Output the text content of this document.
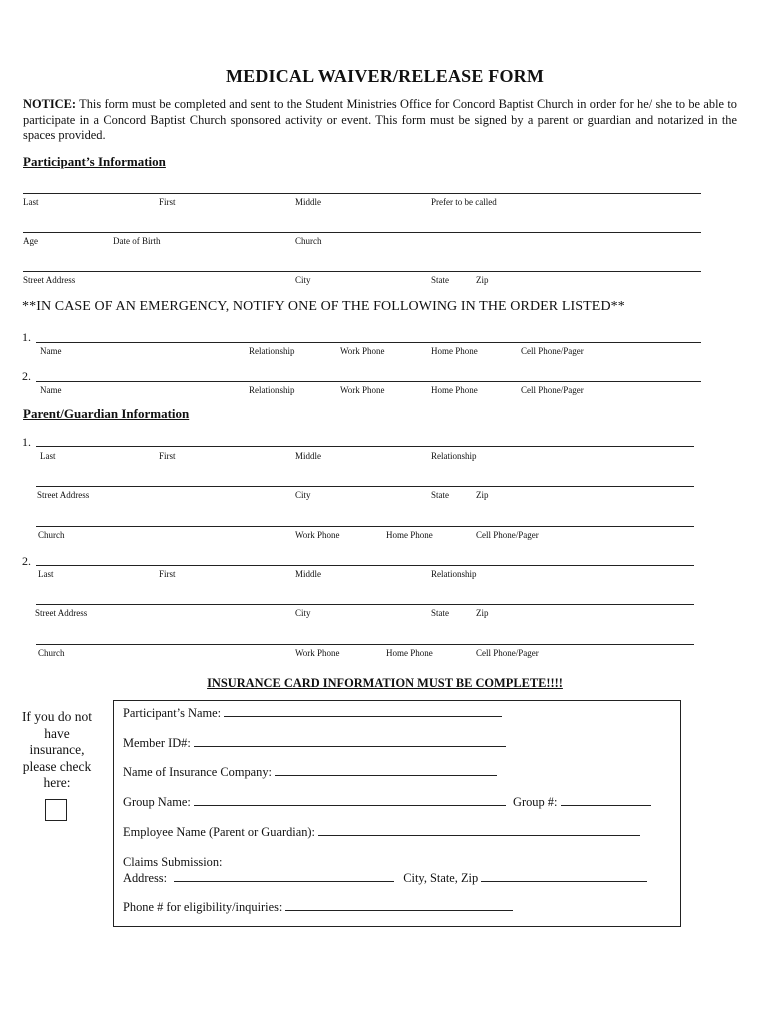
MEDICAL WAIVER/RELEASE FORM
NOTICE: This form must be completed and sent to the Student Ministries Office for Concord Baptist Church in order for he/ she to be able to participate in a Concord Baptist Church sponsored activity or event. This form must be signed by a parent or guardian and notarized in the spaces provided.
Participant’s Information
Last	First	Middle	Prefer to be called
Age	Date of Birth	Church
Street Address	City	State	Zip
**IN CASE OF AN EMERGENCY, NOTIFY ONE OF THE FOLLOWING IN THE ORDER LISTED**
1.
Name	Relationship	Work Phone	Home Phone	Cell Phone/Pager
2.
Name	Relationship	Work Phone	Home Phone	Cell Phone/Pager
Parent/Guardian Information
1.
Last	First	Middle	Relationship
Street Address	City	State	Zip
Church	Work Phone	Home Phone	Cell Phone/Pager
2.
Last	First	Middle	Relationship
Street Address	City	State	Zip
Church	Work Phone	Home Phone	Cell Phone/Pager
INSURANCE CARD INFORMATION MUST BE COMPLETE!!!!
If you do not have insurance, please check here:
Participant’s Name:
Member ID#:
Name of Insurance Company:
Group Name:	Group #:
Employee Name (Parent or Guardian):
Claims Submission:
Address:	City, State, Zip
Phone # for eligibility/inquiries:
